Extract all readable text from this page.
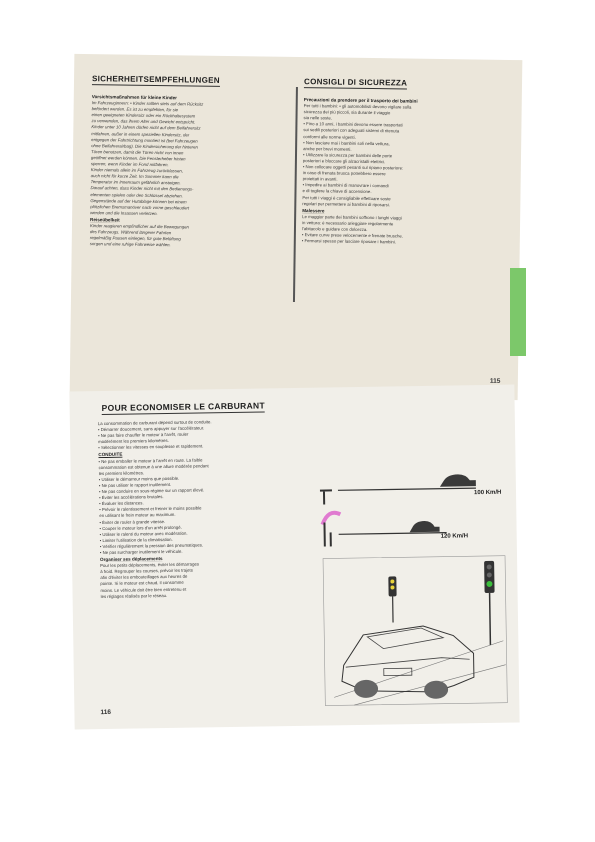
SICHERHEITSEMPFEHLUNGEN	CONSIGLI DI SICUREZZA

Vorsichtsmaßnahmen für kleine Kinder

Im Fahrzeuginnern: • Kinder sollten stets auf dem Rücksitz

befördert werden. Es ist zu empfehlen, für sie

einen geeigneten Kindersitz oder ein Rückhaltesystem

zu verwenden, das ihrem Alter und Gewicht entspricht.

Kinder unter 10 Jahren dürfen nicht auf dem Beifahrersitz

mitfahren, außer in einem speziellen Kindersitz, der

entgegen der Fahrtrichtung montiert ist (bei Fahrzeugen

ohne Beifahrerairbag). Die Kindersicherung der hinteren

Türen benutzen, damit die Türen nicht von innen

geöffnet werden können. Die Fensterheber hinten

sperren, wenn Kinder im Fond mitfahren.

Kinder niemals allein im Fahrzeug zurücklassen,

auch nicht für kurze Zeit. Im Sommer kann die

Temperatur im Innenraum gefährlich ansteigen.

Darauf achten, dass Kinder nicht mit den Bedienungs-

elementen spielen oder den Schlüssel abziehen.

Gegenstände auf der Hutablage können bei einem

plötzlichen Bremsmanöver nach vorne geschleudert

werden und die Insassen verletzen.

Reiseübelkeit

Kinder reagieren empfindlicher auf die Bewegungen

des Fahrzeugs. Während längerer Fahrten

regelmäßig Pausen einlegen, für gute Belüftung

sorgen und eine ruhige Fahrweise wählen.

Precauzioni da prendere per il trasporto dei bambini

Per tutti i bambini: • gli automobilisti devono vigilare sulla

sicurezza dei più piccoli, sia durante il viaggio

sia nelle soste.

• Fino a 10 anni, i bambini devono essere trasportati

sui sedili posteriori con adeguati sistemi di ritenuta

conformi alle norme vigenti.

• Non lasciare mai i bambini soli nella vettura,

anche per brevi momenti.

• Utilizzare la sicurezza per bambini delle porte

posteriori e bloccare gli alzacristalli elettrici.

• Non collocare oggetti pesanti sul ripiano posteriore:

in caso di frenata brusca potrebbero essere

proiettati in avanti.

• Impedire ai bambini di manovrare i comandi

e di togliere la chiave di accensione.

Per tutti i viaggi è consigliabile effettuare soste

regolari per permettere ai bambini di riposarsi.

Malessere

Le maggior parte dei bambini soffrono i lunghi viaggi

in vettura: è necessario arieggiare regolarmente

l'abitacolo e guidare con dolcezza.

• Evitare curve prese velocemente e frenate brusche.

• Fermarsi spesso per lasciare riposare i bambini.

115
POUR ECONOMISER LE CARBURANT

La consommation de carburant dépend surtout de conduite.

• Démarrer doucement, sans appuyer sur l'accélérateur.

• Ne pas faire chauffer le moteur à l'arrêt, rouler

modérément les premiers kilomètres.

• Sélectionner les vitesses en souplesse et rapidement.

CONDUITE

• Ne pas emballer le moteur à l'arrêt en route. La faible

consommation est obtenue à une allure modérée pendant

les premiers kilomètres.

• Utiliser le démarreur moins que possible.

• Ne pas utiliser le rapport inutilement.

• Ne pas conduire en sous-régime sur un rapport élevé.

• Éviter les accélérations brutales.

• Évaluer les distances.

• Prévoir le ralentissement et freiner le moins possible

en utilisant le frein moteur au maximum.

• Éviter de rouler à grande vitesse.

• Couper le moteur lors d'un arrêt prolongé.

• Utiliser le ralenti du moteur avec modération.

• Limiter l'utilisation de la climatisation.

• Vérifier régulièrement la pression des pneumatiques.

• Ne pas surcharger inutilement le véhicule.

Organiser ses déplacements

Pour les petits déplacements, éviter les démarrages

à froid. Regrouper les courses, prévoir les trajets

afin d'éviter les embouteillages aux heures de

pointe. Si le moteur est chaud, il consomme

moins. Le véhicule doit être bien entretenu et

les réglages réalisés par le réseau.

100 Km/H
120 Km/H
116
